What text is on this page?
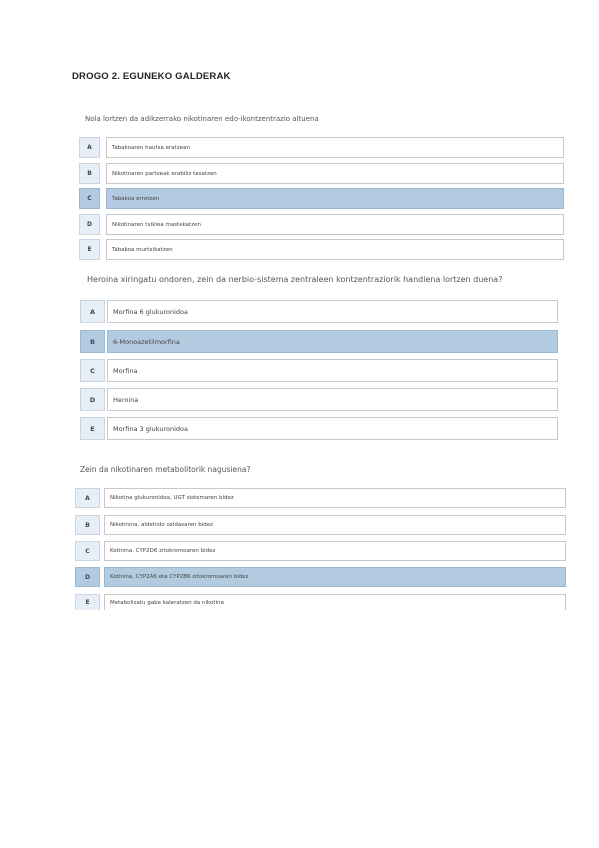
DROGO 2. EGUNEKO GALDERAK
Nola lortzen da adikzerrako nikotinaren edo-ikontzentrazio altuena
A	Tabakoaren hautsa eratzean
B	Nikotinaren partxeak erabiliz tasatzen
C	Tabakoa erretzen
D	Nikotinaren txiklea mastekatzen
E	Tabakoa murtxikatzen
Heroina xiringatu ondoren, zein da nerbio-sistema zentraleen kontzentraziorik handiena lortzen duena?
A	Morfina 6 glukuronidoa
B	6-Monoazetilmorfina
C	Morfina
D	Heroina
E	Morfina 3 glukuronidoa
Zein da nikotinaren metabolitorik nagusiena?
A	Nikotina glukuronidoa, UGT sistemaren bidez
B	Nikotinina, aldehido oxidasaren bidez
C	Kotinina, CYP2D6 zitokromoaren bidez
D	Kotinina, CYP2A6 eta CYP2B6 zitokromoaren bidez
E	Metabolizatu gabe kaleratzen da nikotina
